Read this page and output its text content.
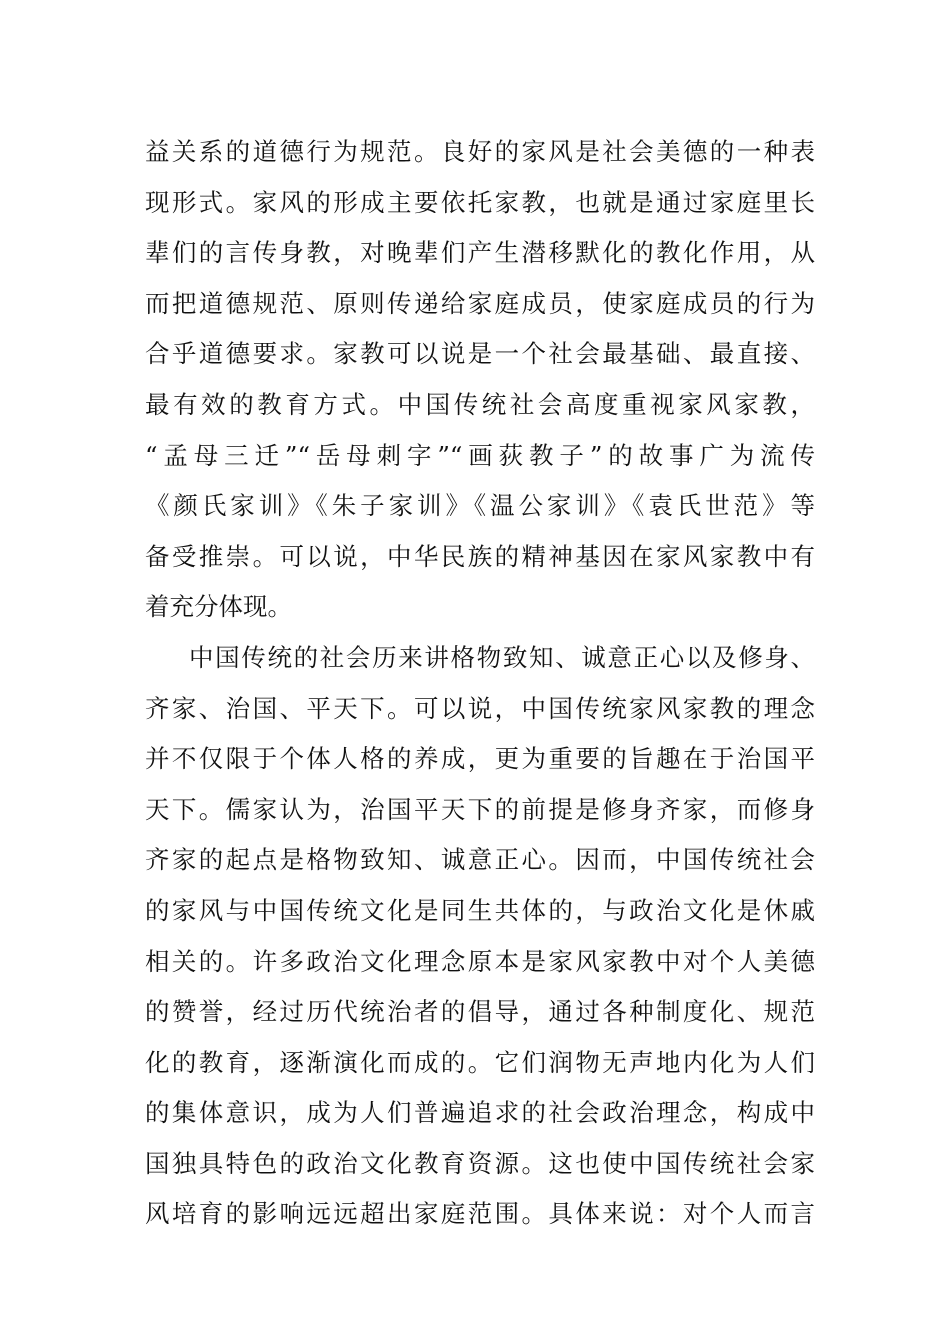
益关系的道德行为规范。良好的家风是社会美德的一种表
现形式。家风的形成主要依托家教，也就是通过家庭里长
辈们的言传身教，对晚辈们产生潜移默化的教化作用，从
而把道德规范、原则传递给家庭成员，使家庭成员的行为
合乎道德要求。家教可以说是一个社会最基础、最直接、
最有效的教育方式。中国传统社会高度重视家风家教，
“孟母三迁”“岳母刺字”“画荻教子”的故事广为流传
《颜氏家训》《朱子家训》《温公家训》《袁氏世范》等
备受推崇。可以说，中华民族的精神基因在家风家教中有
着充分体现。
中国传统的社会历来讲格物致知、诚意正心以及修身、
齐家、治国、平天下。可以说，中国传统家风家教的理念
并不仅限于个体人格的养成，更为重要的旨趣在于治国平
天下。儒家认为，治国平天下的前提是修身齐家，而修身
齐家的起点是格物致知、诚意正心。因而，中国传统社会
的家风与中国传统文化是同生共体的，与政治文化是休戚
相关的。许多政治文化理念原本是家风家教中对个人美德
的赞誉，经过历代统治者的倡导，通过各种制度化、规范
化的教育，逐渐演化而成的。它们润物无声地内化为人们
的集体意识，成为人们普遍追求的社会政治理念，构成中
国独具特色的政治文化教育资源。这也使中国传统社会家
风培育的影响远远超出家庭范围。具体来说：对个人而言
